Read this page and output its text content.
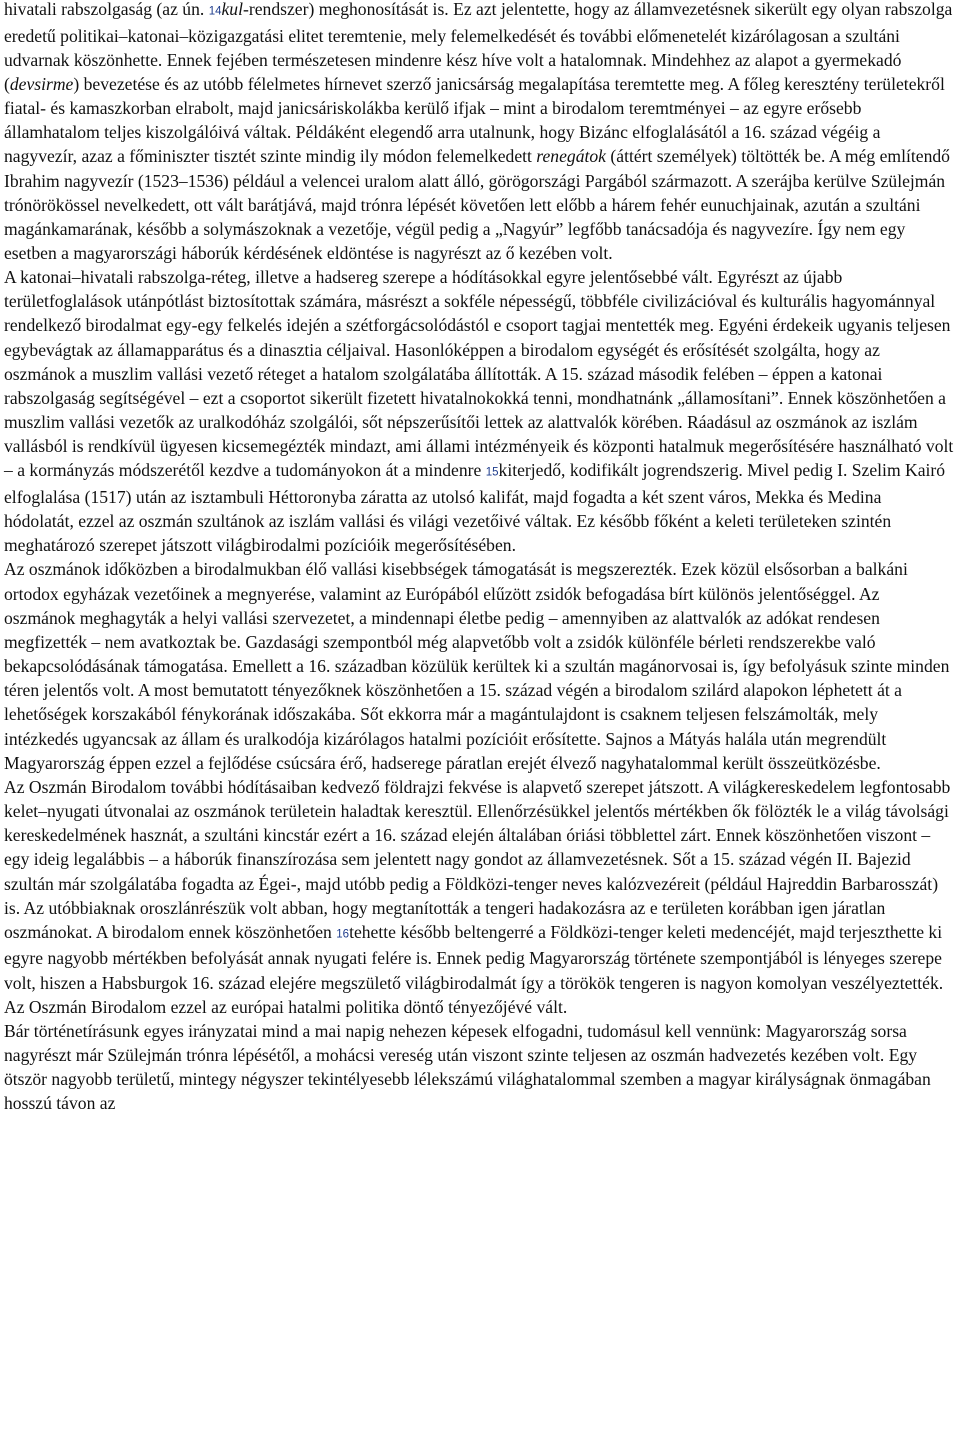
hivatali rabszolgaság (az ún. 14kul-rendszer) meghonosítását is. Ez azt jelentette, hogy az államvezetésnek sikerült egy olyan rabszolga eredetű politikai–katonai–közigazgatási elitet teremtenie, mely felemelkedését és további előmenetelét kizárólagosan a szultáni udvarnak köszönhette. Ennek fejében természetesen mindenre kész híve volt a hatalomnak. Mindehhez az alapot a gyermekadó (devsirme) bevezetése és az utóbb félelmetes hírnevet szerző janicsárság megalapítása teremtette meg. A főleg keresztény területekről fiatal- és kamaszkorban elrabolt, majd janicsáriskolákba kerülő ifjak – mint a birodalom teremtményei – az egyre erősebb államhatalom teljes kiszolgálóivá váltak. Példáként elegendő arra utalnunk, hogy Bizánc elfoglalásától a 16. század végéig a nagyvezír, azaz a főminiszter tisztét szinte mindig ily módon felemelkedett renegátok (áttért személyek) töltötték be. A még említendő Ibrahim nagyvezír (1523–1536) például a velencei uralom alatt álló, görögországi Pargából származott. A szerájba kerülve Szülejmán trónörökössel nevelkedett, ott vált barátjává, majd trónra lépését követően lett előbb a hárem fehér eunuchjainak, azután a szultáni magánkamarának, később a solymászoknak a vezetője, végül pedig a „Nagyúr” legfőbb tanácsadója és nagyvezíre. Így nem egy esetben a magyarországi háborúk kérdésének eldöntése is nagyrészt az ő kezében volt.

A katonai–hivatali rabszolga-réteg, illetve a hadsereg szerepe a hódításokkal egyre jelentősebbé vált. Egyrészt az újabb területfoglalások utánpótlást biztosítottak számára, másrészt a sokféle népességű, többféle civilizációval és kulturális hagyománnyal rendelkező birodalmat egy-egy felkelés idején a szétforgácsolódástól e csoport tagjai mentették meg. Egyéni érdekeik ugyanis teljesen egybevágtak az államapparátus és a dinasztia céljaival. Hasonlóképpen a birodalom egységét és erősítését szolgálta, hogy az oszmánok a muszlim vallási vezető réteget a hatalom szolgálatába állították. A 15. század második felében – éppen a katonai rabszolgaság segítségével – ezt a csoportot sikerült fizetett hivatalnokokká tenni, mondhatnánk „államosítani”. Ennek köszönhetően a muszlim vallási vezetők az uralkodóház szolgálói, sőt népszerűsítői lettek az alattvalók körében. Ráadásul az oszmánok az iszlám vallásból is rendkívül ügyesen kicsemegézték mindazt, ami állami intézményeik és központi hatalmuk megerősítésére használható volt – a kormányzás módszerétől kezdve a tudományokon át a mindenre 15kiterjedő, kodifikált jogrendszerig. Mivel pedig I. Szelim Kairó elfoglalása (1517) után az isztambuli Héttoronyba záratta az utolsó kalifát, majd fogadta a két szent város, Mekka és Medina hódolatát, ezzel az oszmán szultánok az iszlám vallási és világi vezetőivé váltak. Ez később főként a keleti területeken szintén meghatározó szerepet játszott világbirodalmi pozícióik megerősítésében.

Az oszmánok időközben a birodalmukban élő vallási kisebbségek támogatását is megszerezték. Ezek közül elsősorban a balkáni ortodox egyházak vezetőinek a megnyerése, valamint az Európából elűzött zsidók befogadása bírt különös jelentőséggel. Az oszmánok meghagyták a helyi vallási szervezetet, a mindennapi életbe pedig – amennyiben az alattvalók az adókat rendesen megfizették – nem avatkoztak be. Gazdasági szempontból még alapvetőbb volt a zsidók különféle bérleti rendszerekbe való bekapcsolódásának támogatása. Emellett a 16. században közülük kerültek ki a szultán magánorvosai is, így befolyásuk szinte minden téren jelentős volt. A most bemutatott tényezőknek köszönhetően a 15. század végén a birodalom szilárd alapokon léphetett át a lehetőségek korszakából fénykorának időszakába. Sőt ekkorra már a magántulajdont is csaknem teljesen felszámolták, mely intézkedés ugyancsak az állam és uralkodója kizárólagos hatalmi pozícióit erősítette. Sajnos a Mátyás halála után megrendült Magyarország éppen ezzel a fejlődése csúcsára érő, hadserege páratlan erejét élvező nagyhatalommal került összeütközésbe.

Az Oszmán Birodalom további hódításaiban kedvező földrajzi fekvése is alapvető szerepet játszott. A világkereskedelem legfontosabb kelet–nyugati útvonalai az oszmánok területein haladtak keresztül. Ellenőrzésükkel jelentős mértékben ők fölözték le a világ távolsági kereskedelmének hasznát, a szultáni kincstár ezért a 16. század elején általában óriási többlettel zárt. Ennek köszönhetően viszont – egy ideig legalábbis – a háborúk finanszírozása sem jelentett nagy gondot az államvezetésnek. Sőt a 15. század végén II. Bajezid szultán már szolgálatába fogadta az Égei-, majd utóbb pedig a Földközi-tenger neves kalózvezéreit (például Hajreddin Barbarosszát) is. Az utóbbiaknak oroszlánrészük volt abban, hogy megtanították a tengeri hadakozásra az e területen korábban igen járatlan oszmánokat. A birodalom ennek köszönhetően 16tehette később beltengerré a Földközi-tenger keleti medencéjét, majd terjeszthette ki egyre nagyobb mértékben befolyását annak nyugati felére is. Ennek pedig Magyarország története szempontjából is lényeges szerepe volt, hiszen a Habsburgok 16. század elejére megszülető világbirodalmát így a törökök tengeren is nagyon komolyan veszélyeztették. Az Oszmán Birodalom ezzel az európai hatalmi politika döntő tényezőjévé vált.

Bár történetírásunk egyes irányzatai mind a mai napig nehezen képesek elfogadni, tudomásul kell vennünk: Magyarország sorsa nagyrészt már Szülejmán trónra lépésétől, a mohácsi vereség után viszont szinte teljesen az oszmán hadvezetés kezében volt. Egy ötször nagyobb területű, mintegy négyszer tekintélyesebb lélekszámú világhatalommal szemben a magyar királyságnak önmagában hosszú távon az
